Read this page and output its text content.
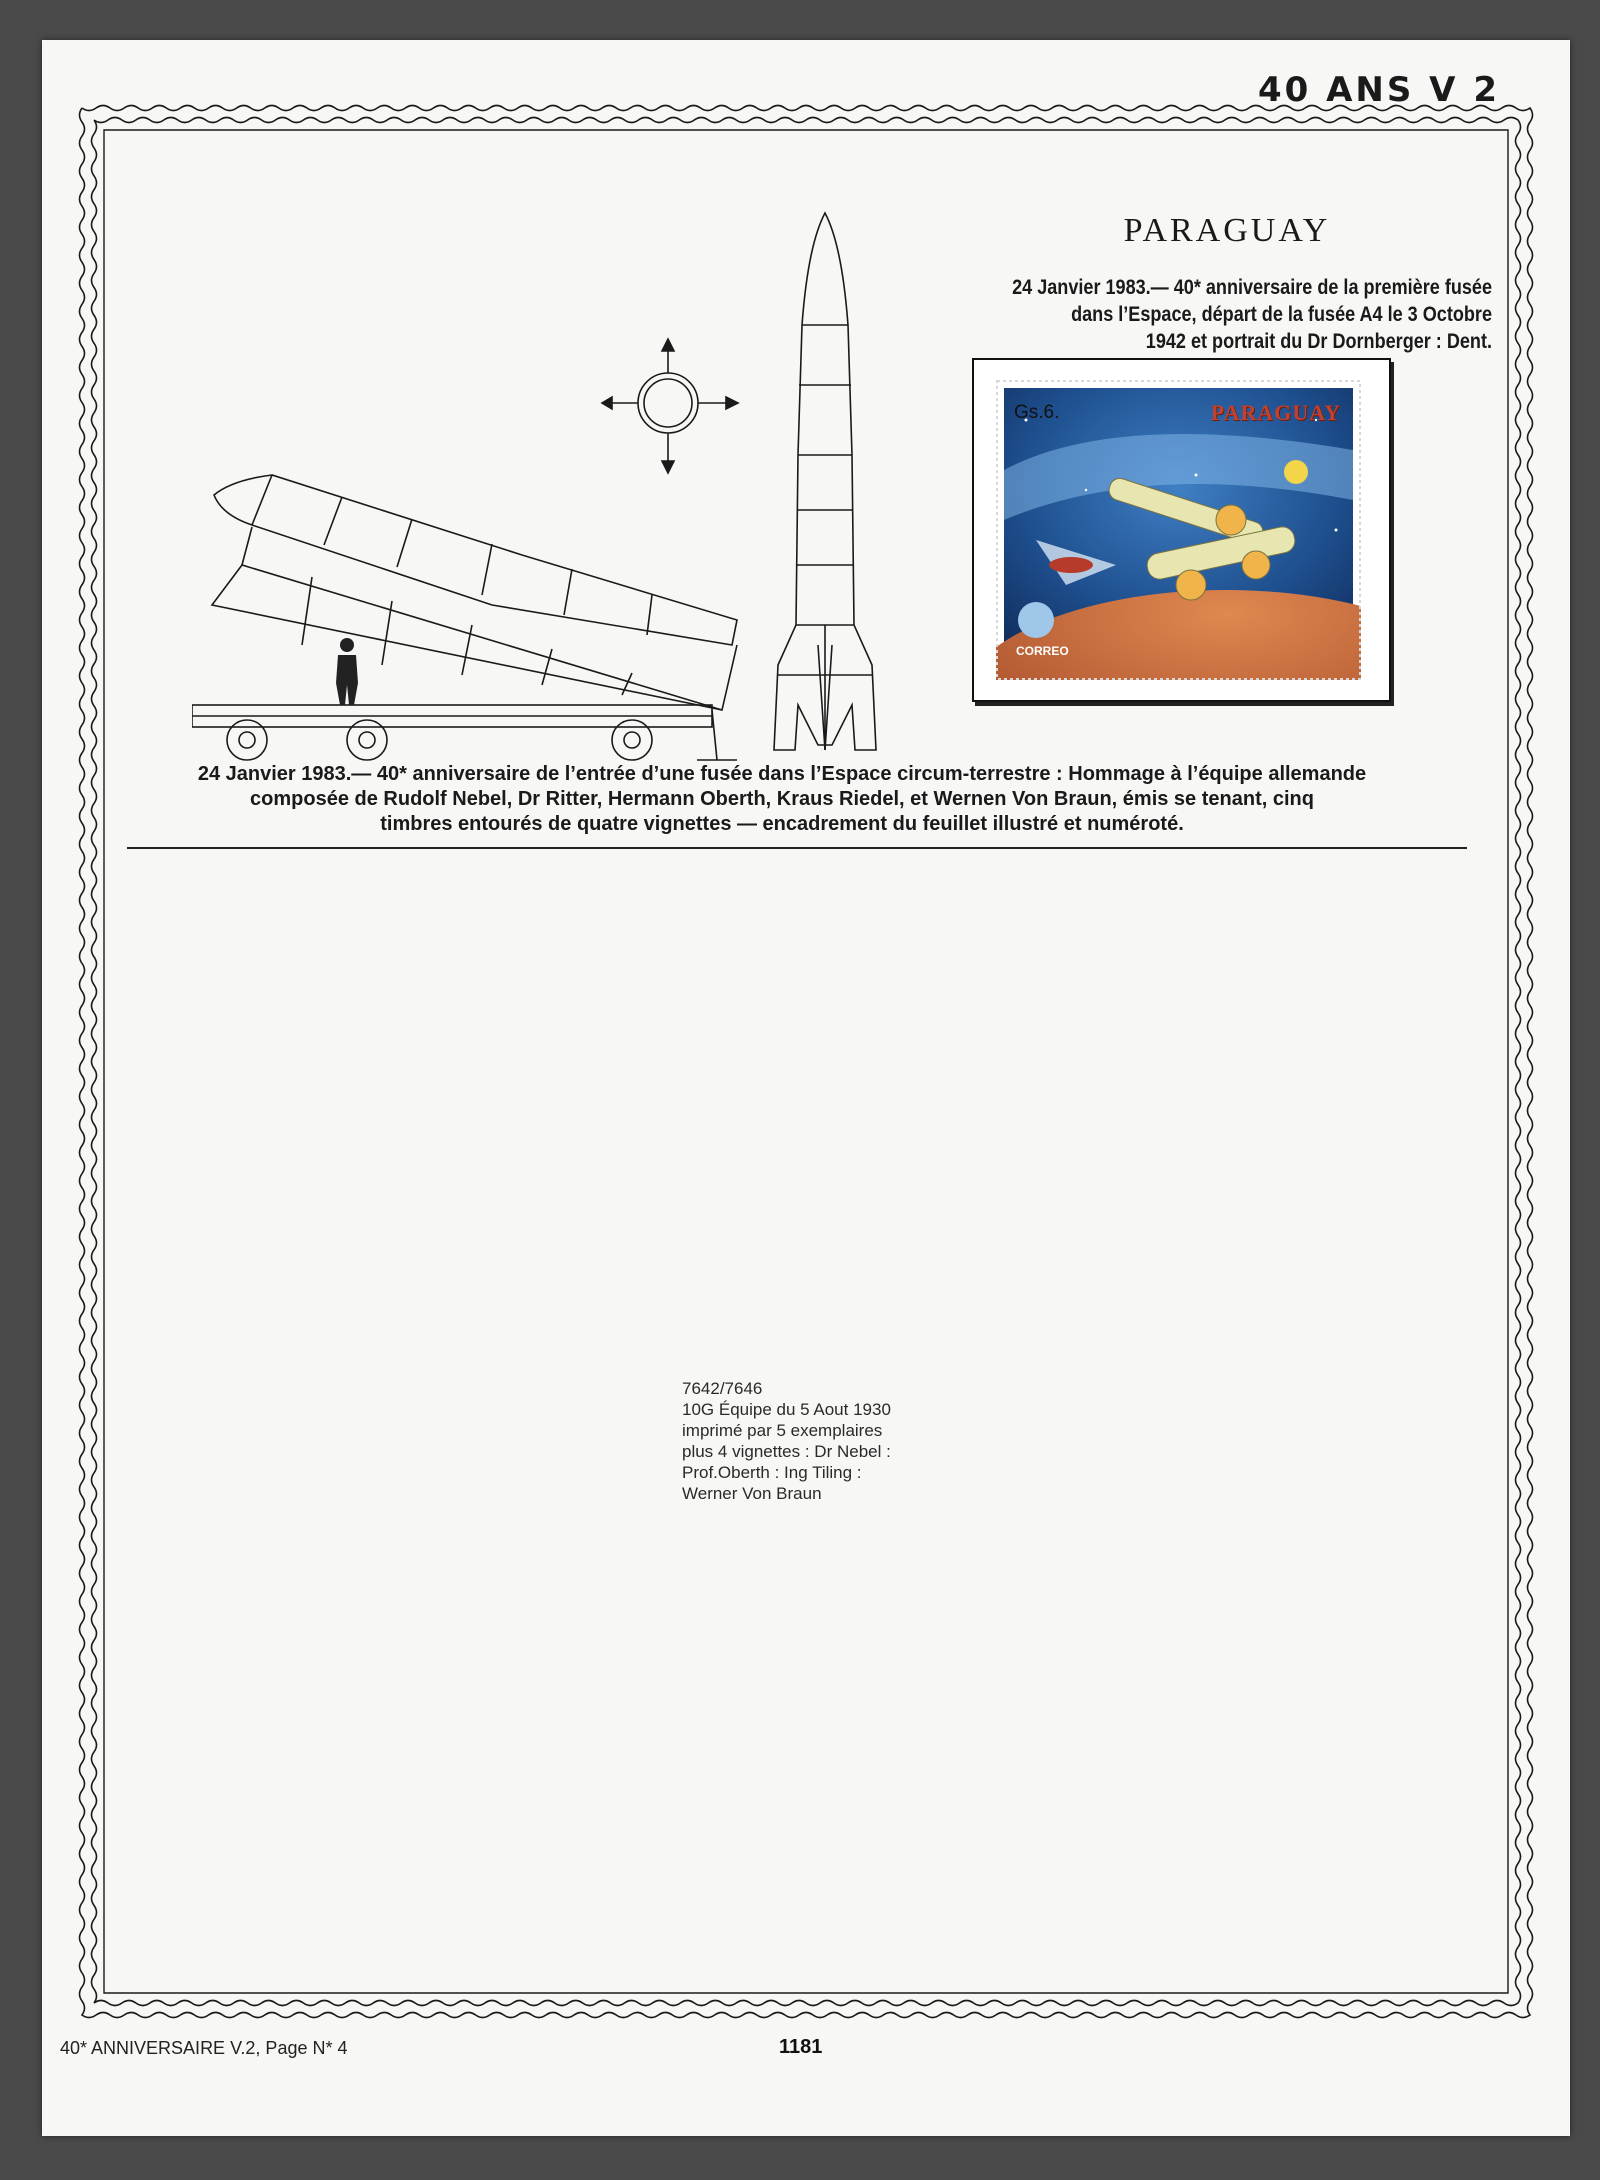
40 ANS V 2
PARAGUAY
24 Janvier 1983.— 40* anniversaire de la première fusée
dans l’Espace, départ de la fusée A4 le 3 Octobre
1942 et portrait du Dr Dornberger : Dent.
Gs.6.	PARAGUAY
CORREO
24 Janvier 1983.— 40* anniversaire de l’entrée d’une fusée dans l’Espace circum-terrestre : Hommage à l’équipe allemande
composée de Rudolf Nebel, Dr Ritter, Hermann Oberth, Kraus Riedel, et Wernen Von Braun, émis se tenant, cinq
timbres entourés de quatre vignettes — encadrement du feuillet illustré et numéroté.
7642/7646
10G Équipe du 5 Aout 1930
imprimé par 5 exemplaires
plus 4 vignettes : Dr Nebel :
Prof.Oberth : Ing Tiling :
Werner Von Braun
40* ANNIVERSAIRE V.2, Page N* 4	1181
